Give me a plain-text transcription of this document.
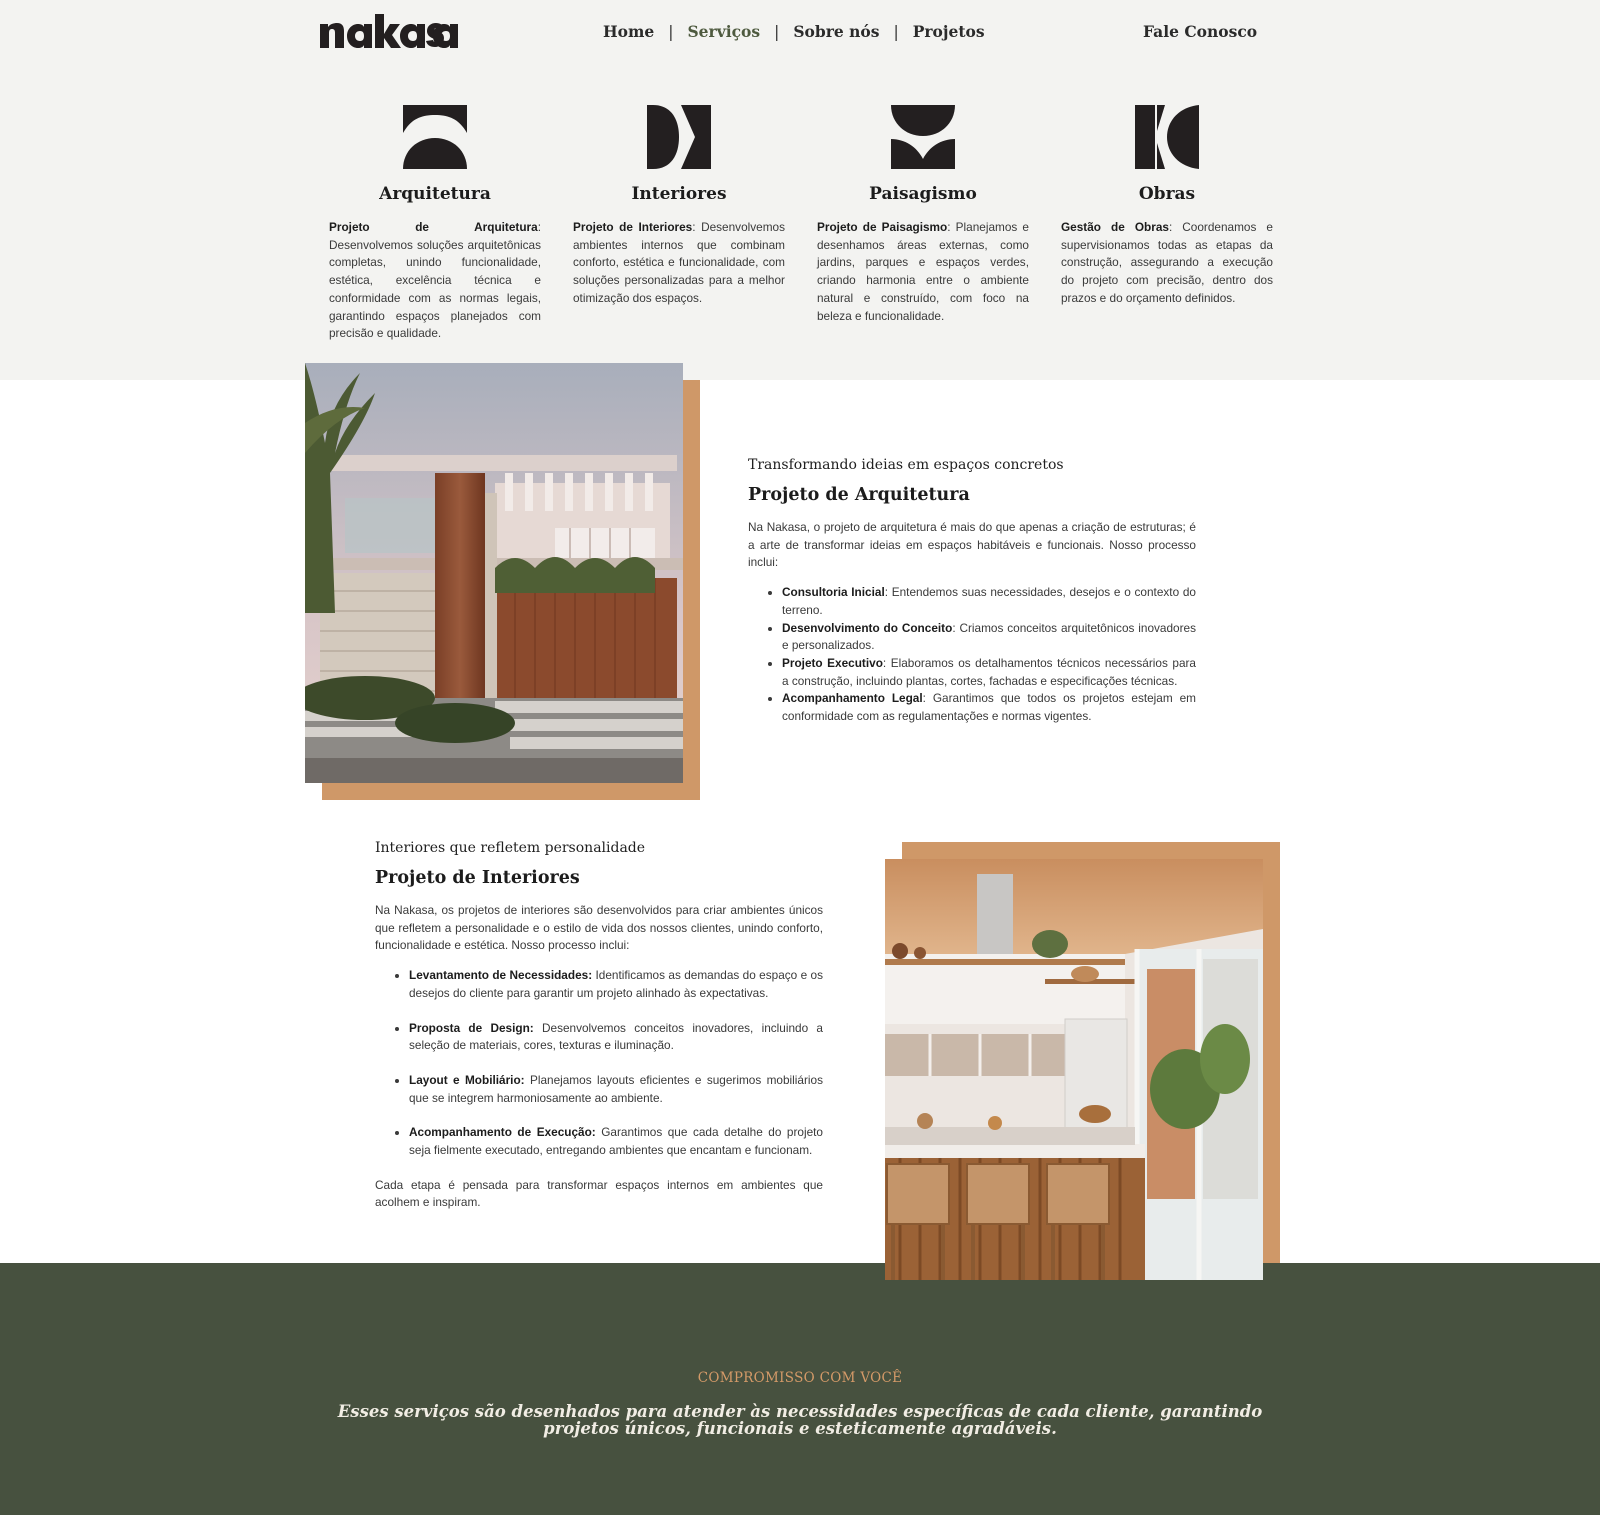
Home | Serviços | Sobre nós | Projetos	Fale Conosco
Arquitetura

Projeto de Arquitetura: Desenvolvemos soluções arquitetônicas completas, unindo funcionalidade, estética, excelência técnica e conformidade com as normas legais, garantindo espaços planejados com precisão e qualidade.

Interiores

Projeto de Interiores: Desenvolvemos ambientes internos que combinam conforto, estética e funcionalidade, com soluções personalizadas para a melhor otimização dos espaços.

Paisagismo

Projeto de Paisagismo: Planejamos e desenhamos áreas externas, como jardins, parques e espaços verdes, criando harmonia entre o ambiente natural e construído, com foco na beleza e funcionalidade.

Obras

Gestão de Obras: Coordenamos e supervisionamos todas as etapas da construção, assegurando a execução do projeto com precisão, dentro dos prazos e do orçamento definidos.

Transformando ideias em espaços concretos
Projeto de Arquitetura

Na Nakasa, o projeto de arquitetura é mais do que apenas a criação de estruturas; é a arte de transformar ideias em espaços habitáveis e funcionais. Nosso processo inclui:

• Consultoria Inicial: Entendemos suas necessidades, desejos e o contexto do terreno.
• Desenvolvimento do Conceito: Criamos conceitos arquitetônicos inovadores e personalizados.
• Projeto Executivo: Elaboramos os detalhamentos técnicos necessários para a construção, incluindo plantas, cortes, fachadas e especificações técnicas.
• Acompanhamento Legal: Garantimos que todos os projetos estejam em conformidade com as regulamentações e normas vigentes.
Interiores que refletem personalidade
Projeto de Interiores

Na Nakasa, os projetos de interiores são desenvolvidos para criar ambientes únicos que refletem a personalidade e o estilo de vida dos nossos clientes, unindo conforto, funcionalidade e estética. Nosso processo inclui:

• Levantamento de Necessidades: Identificamos as demandas do espaço e os desejos do cliente para garantir um projeto alinhado às expectativas.
• Proposta de Design: Desenvolvemos conceitos inovadores, incluindo a seleção de materiais, cores, texturas e iluminação.
• Layout e Mobiliário: Planejamos layouts eficientes e sugerimos mobiliários que se integrem harmoniosamente ao ambiente.
• Acompanhamento de Execução: Garantimos que cada detalhe do projeto seja fielmente executado, entregando ambientes que encantam e funcionam.

Cada etapa é pensada para transformar espaços internos em ambientes que acolhem e inspiram.

COMPROMISSO COM VOCÊ

Esses serviços são desenhados para atender às necessidades específicas de cada cliente, garantindo projetos únicos, funcionais e esteticamente agradáveis.
